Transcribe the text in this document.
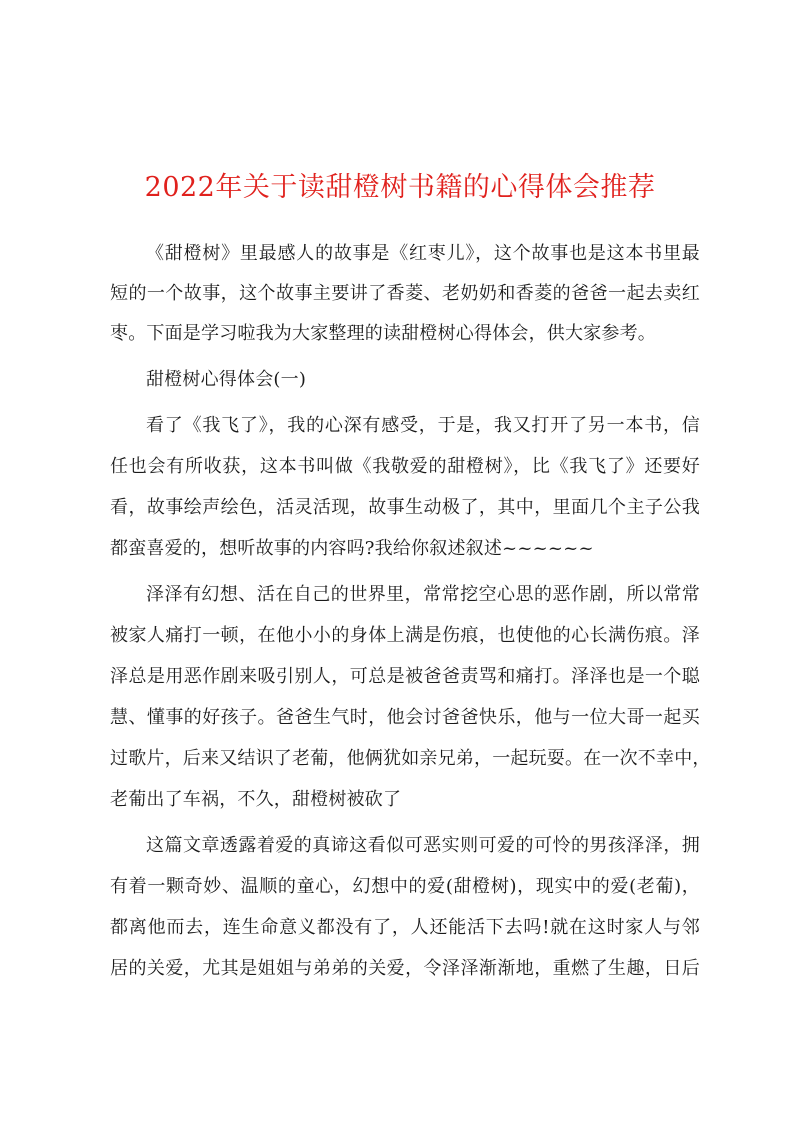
2022年关于读甜橙树书籍的心得体会推荐
《甜橙树》里最感人的故事是《红枣儿》，这个故事也是这本书里最
短的一个故事，这个故事主要讲了香菱、老奶奶和香菱的爸爸一起去卖红
枣。下面是学习啦我为大家整理的读甜橙树心得体会，供大家参考。
甜橙树心得体会(一)
看了《我飞了》，我的心深有感受，于是，我又打开了另一本书，信
任也会有所收获，这本书叫做《我敬爱的甜橙树》，比《我飞了》还要好
看，故事绘声绘色，活灵活现，故事生动极了，其中，里面几个主子公我
都蛮喜爱的，想听故事的内容吗?我给你叙述叙述~~~~~~
泽泽有幻想、活在自己的世界里，常常挖空心思的恶作剧，所以常常
被家人痛打一顿，在他小小的身体上满是伤痕，也使他的心长满伤痕。泽
泽总是用恶作剧来吸引别人，可总是被爸爸责骂和痛打。泽泽也是一个聪
慧、懂事的好孩子。爸爸生气时，他会讨爸爸快乐，他与一位大哥一起买
过歌片，后来又结识了老葡，他俩犹如亲兄弟，一起玩耍。在一次不幸中，
老葡出了车祸，不久，甜橙树被砍了
这篇文章透露着爱的真谛这看似可恶实则可爱的可怜的男孩泽泽，拥
有着一颗奇妙、温顺的童心，幻想中的爱(甜橙树)，现实中的爱(老葡)，
都离他而去，连生命意义都没有了，人还能活下去吗!就在这时家人与邻
居的关爱，尤其是姐姐与弟弟的关爱，令泽泽渐渐地，重燃了生趣，日后
